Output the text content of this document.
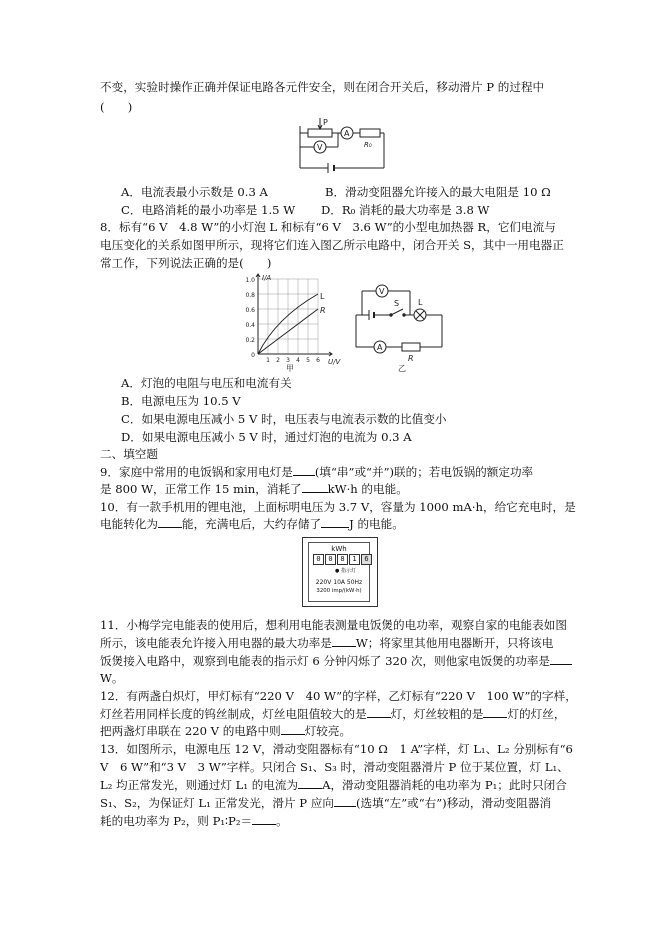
不变，实验时操作正确并保证电路各元件安全，则在闭合开关后，移动滑片 P 的过程中
(　　)
P
A
V	R₀
A．电流表最小示数是 0.3 A	B．滑动变阻器允许接入的最大电阻是 10 Ω
C．电路消耗的最小功率是 1.5 W D．R₀ 消耗的最大功率是 3.8 W
8．标有“6 V　4.8 W”的小灯泡 L 和标有“6 V　3.6 W”的小型电加热器 R，它们电流与
电压变化的关系如图甲所示，现将它们连入图乙所示电路中，闭合开关 S，其中一用电器正
常工作，下列说法正确的是(　　)
I/A
1.0
0.8
0.6
0.4
0.2
0
1 2 3 4 5 6 U/V
L
R
甲
V
S L
A
R
乙
A．灯泡的电阻与电压和电流有关
B．电源电压为 10.5 V
C．如果电源电压减小 5 V 时，电压表与电流表示数的比值变小
D．如果电源电压减小 5 V 时，通过灯泡的电流为 0.3 A
二、填空题
9．家庭中常用的电饭锅和家用电灯是 (填“串”或“并”)联的；若电饭锅的额定功率
是 800 W，正常工作 15 min，消耗了 kW·h 的电能。
10．有一款手机用的锂电池，上面标明电压为 3.7 V，容量为 1000 mA·h，给它充电时，是
电能转化为 能，充满电后，大约存储了 J 的电能。
kWh
0	0	8	1	6
● 指示灯
220V 10A 50Hz
3200 imp/(kW·h)
11．小梅学完电能表的使用后，想利用电能表测量电饭煲的电功率，观察自家的电能表如图
所示，该电能表允许接入用电器的最大功率是 W；将家里其他用电器断开，只将该电
饭煲接入电路中，观察到电能表的指示灯 6 分钟闪烁了 320 次，则他家电饭煲的功率是
W。
12．有两盏白炽灯，甲灯标有“220 V　40 W”的字样，乙灯标有“220 V　100 W”的字样，
灯丝若用同样长度的钨丝制成，灯丝电阻值较大的是 灯，灯丝较粗的是 灯的灯丝，
把两盏灯串联在 220 V 的电路中则 灯较亮。
13．如图所示，电源电压 12 V，滑动变阻器标有“10 Ω　1 A”字样，灯 L₁、L₂ 分别标有“6
V　6 W”和“3 V　3 W”字样。只闭合 S₁、S₃ 时，滑动变阻器滑片 P 位于某位置，灯 L₁、
L₂ 均正常发光，则通过灯 L₁ 的电流为 A，滑动变阻器消耗的电功率为 P₁；此时只闭合
S₁、S₂，为保证灯 L₁ 正常发光，滑片 P 应向 (选填“左”或“右”)移动，滑动变阻器消
耗的电功率为 P₂，则 P₁∶P₂＝ 。
